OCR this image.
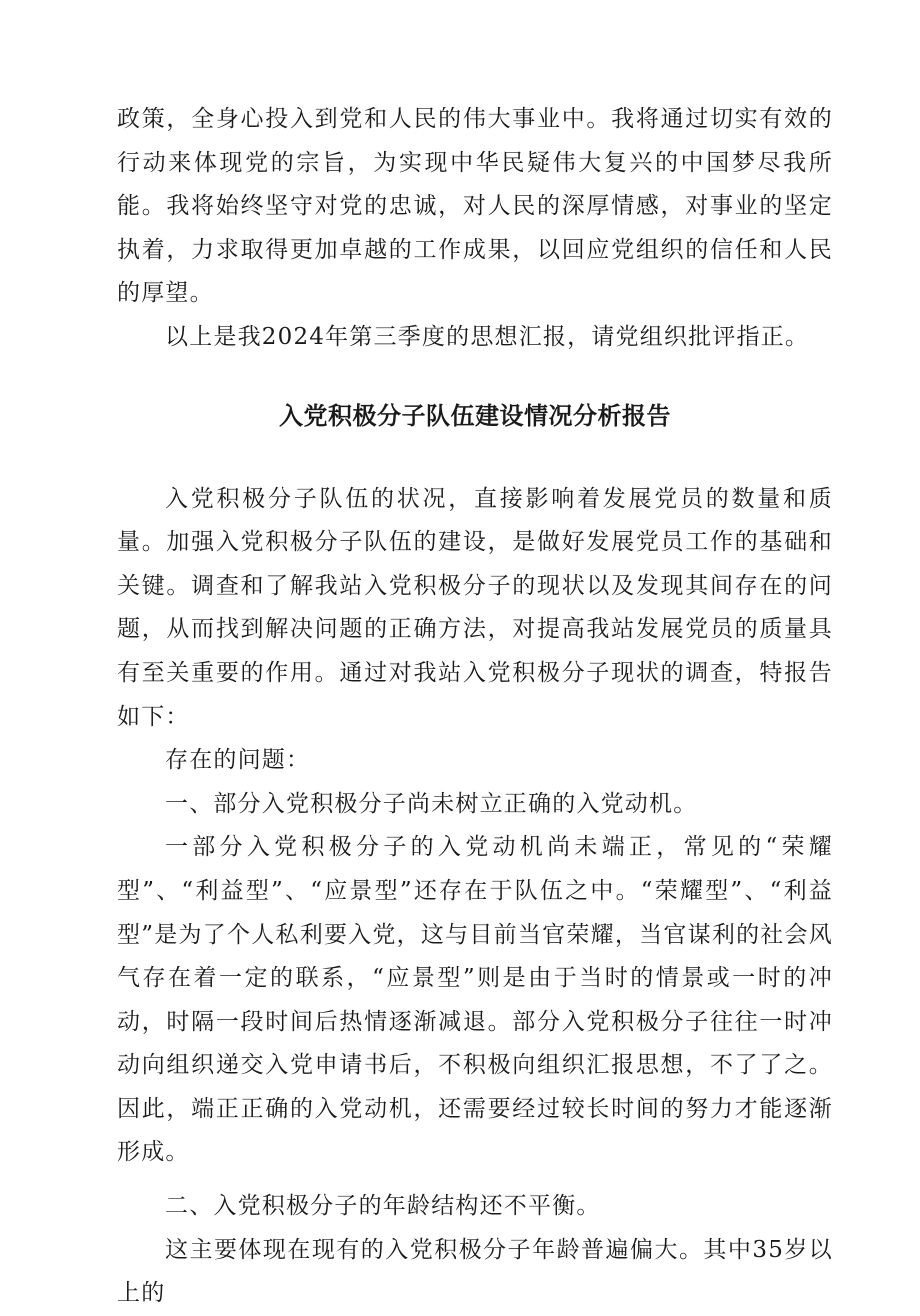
政策，全身心投入到党和人民的伟大事业中。我将通过切实有效的行动来体现党的宗旨，为实现中华民疑伟大复兴的中国梦尽我所能。我将始终坚守对党的忠诚，对人民的深厚情感，对事业的坚定执着，力求取得更加卓越的工作成果，以回应党组织的信任和人民的厚望。

以上是我2024年第三季度的思想汇报，请党组织批评指正。

入党积极分子队伍建设情况分析报告

入党积极分子队伍的状况，直接影响着发展党员的数量和质量。加强入党积极分子队伍的建设，是做好发展党员工作的基础和关键。调查和了解我站入党积极分子的现状以及发现其间存在的问题，从而找到解决问题的正确方法，对提高我站发展党员的质量具有至关重要的作用。通过对我站入党积极分子现状的调查，特报告如下：

存在的问题：

一、部分入党积极分子尚未树立正确的入党动机。

一部分入党积极分子的入党动机尚未端正，常见的“荣耀型”、“利益型”、“应景型”还存在于队伍之中。“荣耀型”、“利益型”是为了个人私利要入党，这与目前当官荣耀，当官谋利的社会风气存在着一定的联系，“应景型”则是由于当时的情景或一时的冲动，时隔一段时间后热情逐渐减退。部分入党积极分子往往一时冲动向组织递交入党申请书后，不积极向组织汇报思想，不了了之。因此，端正正确的入党动机，还需要经过较长时间的努力才能逐渐形成。

二、入党积极分子的年龄结构还不平衡。

这主要体现在现有的入党积极分子年龄普遍偏大。其中35岁以上的
